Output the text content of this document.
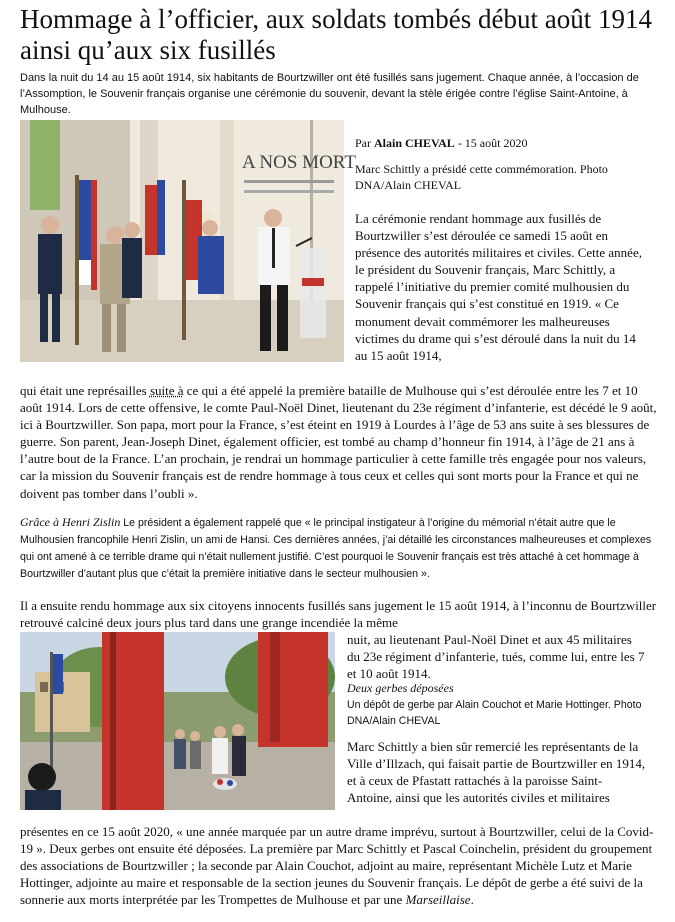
Hommage à l’officier, aux soldats tombés début août 1914 ainsi qu’aux six fusillés

Dans la nuit du 14 au 15 août 1914, six habitants de Bourtzwiller ont été fusillés sans jugement. Chaque année, à l’occasion de l’Assomption, le Souvenir français organise une cérémonie du souvenir, devant la stèle érigée contre l’église Saint-Antoine, à Mulhouse.

A NOS MORT
Par Alain CHEVAL - 15 août 2020
Marc Schittly a présidé cette commémoration. Photo DNA/Alain CHEVAL

La cérémonie rendant hommage aux fusillés de Bourtzwiller s’est déroulée ce samedi 15 août en présence des autorités militaires et civiles. Cette année, le président du Souvenir français, Marc Schittly, a rappelé l’initiative du premier comité mulhousien du Souvenir français qui s’est constitué en 1919. « Ce monument devait commémorer les malheureuses victimes du drame qui s’est déroulé dans la nuit du 14 au 15 août 1914,

qui était une représailles suite à ce qui a été appelé la première bataille de Mulhouse qui s’est déroulée entre les 7 et 10 août 1914. Lors de cette offensive, le comte Paul-Noël Dinet, lieutenant du 23e régiment d’infanterie, est décédé le 9 août, ici à Bourtzwiller. Son papa, mort pour la France, s’est éteint en 1919 à Lourdes à l’âge de 53 ans suite à ses blessures de guerre. Son parent, Jean-Joseph Dinet, également officier, est tombé au champ d’honneur fin 1914, à l’âge de 21 ans à l’autre bout de la France. L’an prochain, je rendrai un hommage particulier à cette famille très engagée pour nos valeurs, car la mission du Souvenir français est de rendre hommage à tous ceux et celles qui sont morts pour la France et qui ne doivent pas tomber dans l’oubli ».

Grâce à Henri Zislin Le président a également rappelé que « le principal instigateur à l’origine du mémorial n’était autre que le Mulhousien francophile Henri Zislin, un ami de Hansi. Ces dernières années, j’ai détaillé les circonstances malheureuses et complexes qui ont amené à ce terrible drame qui n’était nullement justifié. C’est pourquoi le Souvenir français est très attaché à cet hommage à Bourtzwiller d’autant plus que c’était la première initiative dans le secteur mulhousien ».

Il a ensuite rendu hommage aux six citoyens innocents fusillés sans jugement le 15 août 1914, à l’inconnu de Bourtzwiller retrouvé calciné deux jours plus tard dans une grange incendiée la même

nuit, au lieutenant Paul-Noël Dinet et aux 45 militaires du 23e régiment d’infanterie, tués, comme lui, entre les 7 et 10 août 1914.

Deux gerbes déposées
Un dépôt de gerbe par Alain Couchot et Marie Hottinger. Photo DNA/Alain CHEVAL

Marc Schittly a bien sûr remercié les représentants de la Ville d’Illzach, qui faisait partie de Bourtzwiller en 1914, et à ceux de Pfastatt rattachés à la paroisse Saint-Antoine, ainsi que les autorités civiles et militaires

présentes en ce 15 août 2020, « une année marquée par un autre drame imprévu, surtout à Bourtzwiller, celui de la Covid-19 ». Deux gerbes ont ensuite été déposées. La première par Marc Schittly et Pascal Coinchelin, président du groupement des associations de Bourtzwiller ; la seconde par Alain Couchot, adjoint au maire, représentant Michèle Lutz et Marie Hottinger, adjointe au maire et responsable de la section jeunes du Souvenir français. Le dépôt de gerbe a été suivi de la sonnerie aux morts interprétée par les Trompettes de Mulhouse et par une Marseillaise.
